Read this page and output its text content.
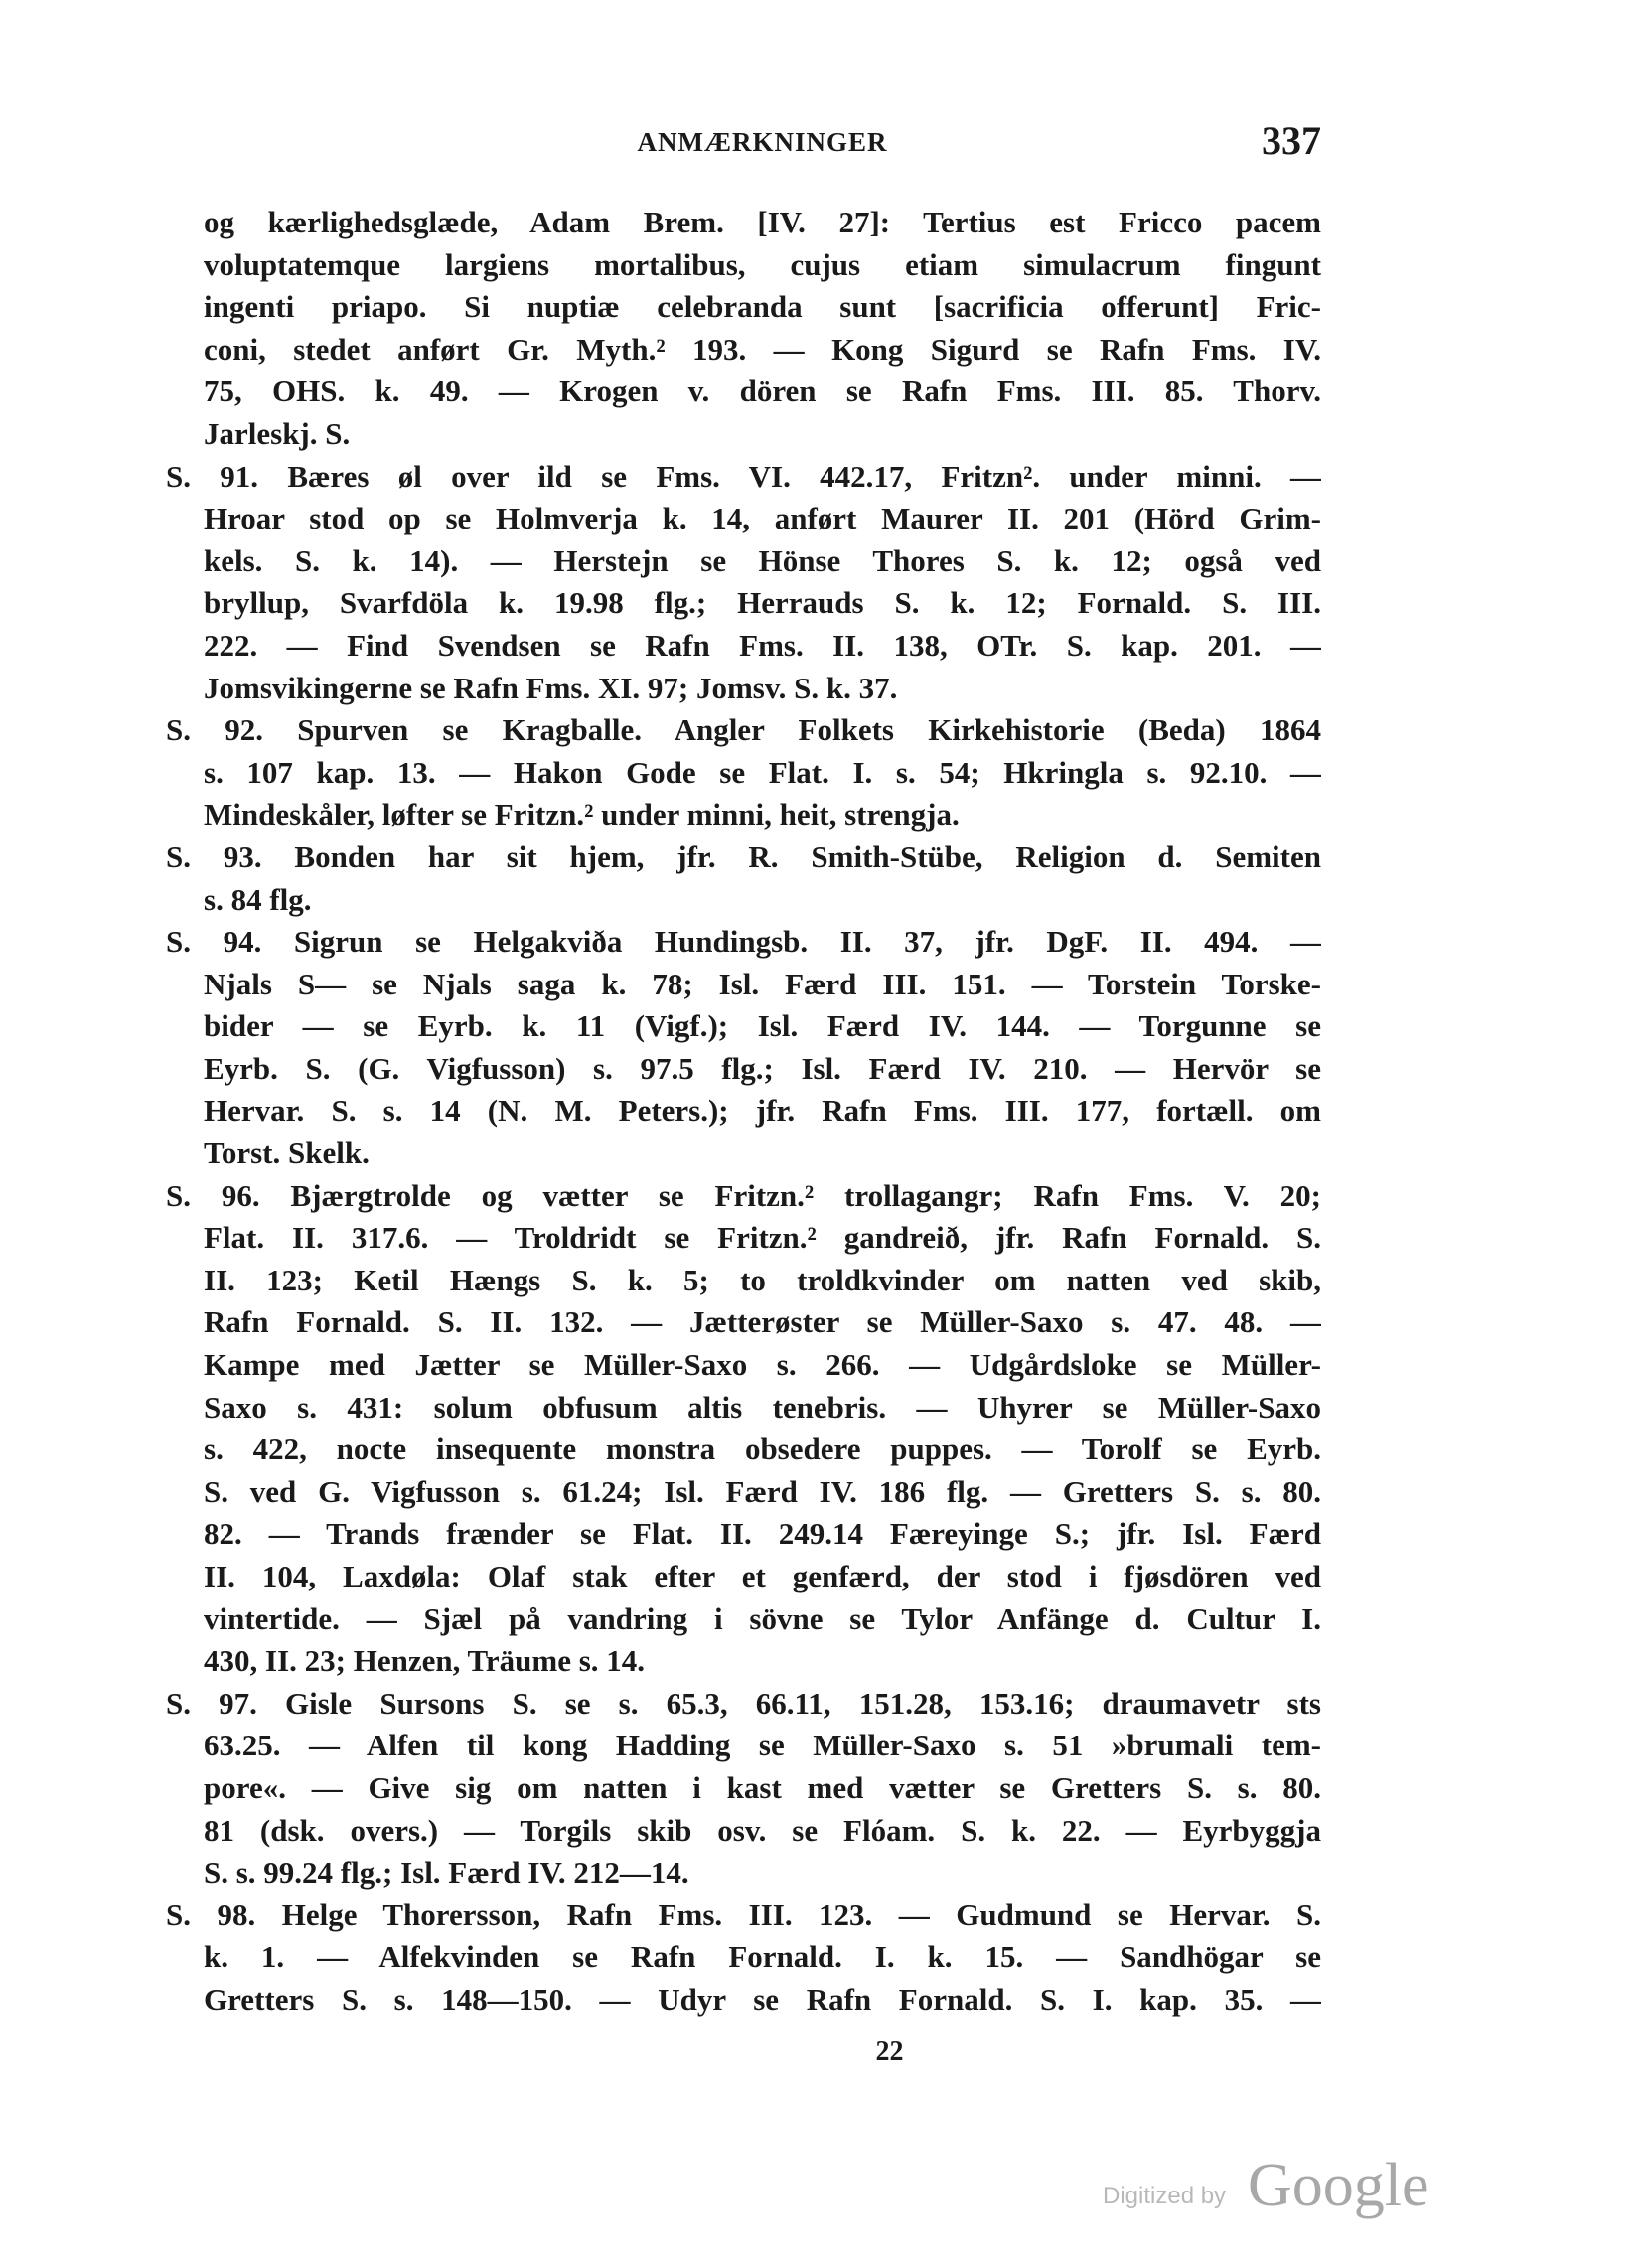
ANMÆRKNINGER	337
og kærlighedsglæde, Adam Brem. [IV. 27]: Tertius est Fricco pacem
voluptatemque largiens mortalibus, cujus etiam simulacrum fingunt
ingenti priapo. Si nuptiæ celebranda sunt [sacrificia offerunt] Fric-
coni, stedet anført Gr. Myth.² 193. — Kong Sigurd se Rafn Fms. IV.
75, OHS. k. 49. — Krogen v. dören se Rafn Fms. III. 85. Thorv.
Jarleskj. S.
S. 91. Bæres øl over ild se Fms. VI. 442.17, Fritzn². under minni. —
Hroar stod op se Holmverja k. 14, anført Maurer II. 201 (Hörd Grim-
kels. S. k. 14). — Herstejn se Hönse Thores S. k. 12; også ved
bryllup, Svarfdöla k. 19.98 flg.; Herrauds S. k. 12; Fornald. S. III.
222. — Find Svendsen se Rafn Fms. II. 138, OTr. S. kap. 201. —
Jomsvikingerne se Rafn Fms. XI. 97; Jomsv. S. k. 37.
S. 92. Spurven se Kragballe. Angler Folkets Kirkehistorie (Beda) 1864
s. 107 kap. 13. — Hakon Gode se Flat. I. s. 54; Hkringla s. 92.10. —
Mindeskåler, løfter se Fritzn.² under minni, heit, strengja.
S. 93. Bonden har sit hjem, jfr. R. Smith-Stübe, Religion d. Semiten
s. 84 flg.
S. 94. Sigrun se Helgakviða Hundingsb. II. 37, jfr. DgF. II. 494. —
Njals S— se Njals saga k. 78; Isl. Færd III. 151. — Torstein Torske-
bider — se Eyrb. k. 11 (Vigf.); Isl. Færd IV. 144. — Torgunne se
Eyrb. S. (G. Vigfusson) s. 97.5 flg.; Isl. Færd IV. 210. — Hervör se
Hervar. S. s. 14 (N. M. Peters.); jfr. Rafn Fms. III. 177, fortæll. om
Torst. Skelk.
S. 96. Bjærgtrolde og vætter se Fritzn.² trollagangr; Rafn Fms. V. 20;
Flat. II. 317.6. — Troldridt se Fritzn.² gandreið, jfr. Rafn Fornald. S.
II. 123; Ketil Hængs S. k. 5; to troldkvinder om natten ved skib,
Rafn Fornald. S. II. 132. — Jætterøster se Müller-Saxo s. 47. 48. —
Kampe med Jætter se Müller-Saxo s. 266. — Udgårdsloke se Müller-
Saxo s. 431: solum obfusum altis tenebris. — Uhyrer se Müller-Saxo
s. 422, nocte insequente monstra obsedere puppes. — Torolf se Eyrb.
S. ved G. Vigfusson s. 61.24; Isl. Færd IV. 186 flg. — Gretters S. s. 80.
82. — Trands frænder se Flat. II. 249.14 Færeyinge S.; jfr. Isl. Færd
II. 104, Laxdøla: Olaf stak efter et genfærd, der stod i fjøsdören ved
vintertide. — Sjæl på vandring i sövne se Tylor Anfänge d. Cultur I.
430, II. 23; Henzen, Träume s. 14.
S. 97. Gisle Sursons S. se s. 65.3, 66.11, 151.28, 153.16; draumavetr sts
63.25. — Alfen til kong Hadding se Müller-Saxo s. 51 »brumali tem-
pore«. — Give sig om natten i kast med vætter se Gretters S. s. 80.
81 (dsk. overs.) — Torgils skib osv. se Flóam. S. k. 22. — Eyrbyggja
S. s. 99.24 flg.; Isl. Færd IV. 212—14.
S. 98. Helge Thorersson, Rafn Fms. III. 123. — Gudmund se Hervar. S.
k. 1. — Alfekvinden se Rafn Fornald. I. k. 15. — Sandhögar se
Gretters S. s. 148—150. — Udyr se Rafn Fornald. S. I. kap. 35. —
22
Digitized by Google
